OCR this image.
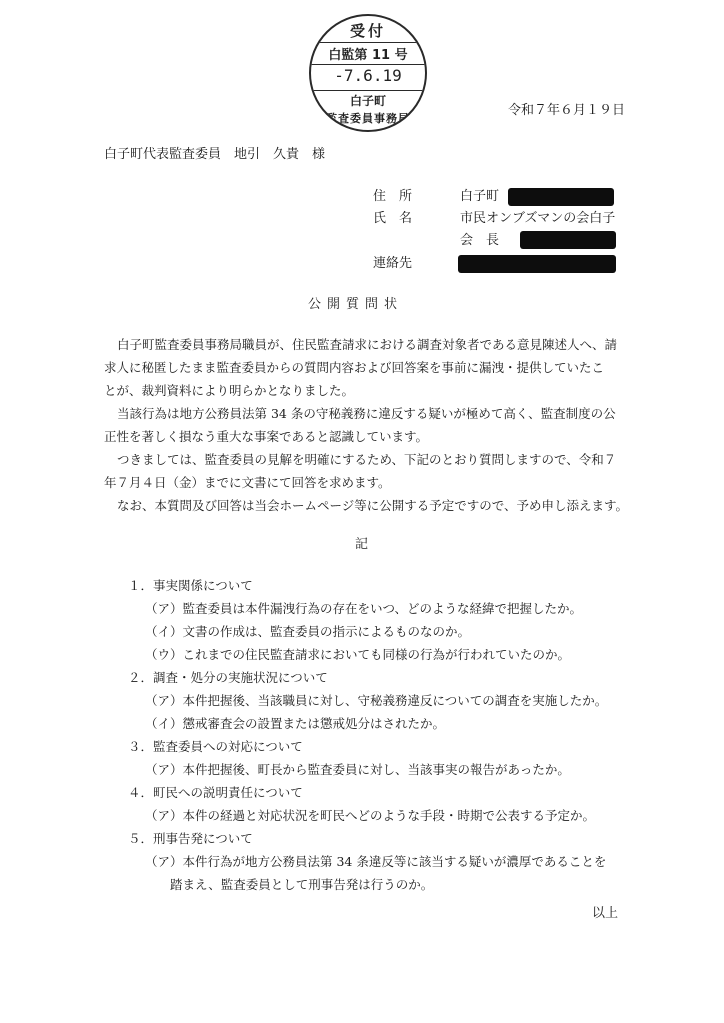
受付
白監第 11 号
-7.6.19
白子町
監査委員事務局
令和７年６月１９日
白子町代表監査委員　地引　久貴　様
住　所	白子町
氏　名	市民オンブズマンの会白子
会　長
連絡先
公開質問状
白子町監査委員事務局職員が、住民監査請求における調査対象者である意見陳述人へ、請
求人に秘匿したまま監査委員からの質問内容および回答案を事前に漏洩・提供していたこ
とが、裁判資料により明らかとなりました。
当該行為は地方公務員法第 34 条の守秘義務に違反する疑いが極めて高く、監査制度の公
正性を著しく損なう重大な事案であると認識しています。
つきましては、監査委員の見解を明確にするため、下記のとおり質問しますので、令和７
年７月４日（金）までに文書にて回答を求めます。
なお、本質問及び回答は当会ホームページ等に公開する予定ですので、予め申し添えます。
記
１．事実関係について
（ア）監査委員は本件漏洩行為の存在をいつ、どのような経緯で把握したか。
（イ）文書の作成は、監査委員の指示によるものなのか。
（ウ）これまでの住民監査請求においても同様の行為が行われていたのか。
２．調査・処分の実施状況について
（ア）本件把握後、当該職員に対し、守秘義務違反についての調査を実施したか。
（イ）懲戒審査会の設置または懲戒処分はされたか。
３．監査委員への対応について
（ア）本件把握後、町長から監査委員に対し、当該事実の報告があったか。
４．町民への説明責任について
（ア）本件の経過と対応状況を町民へどのような手段・時期で公表する予定か。
５．刑事告発について
（ア）本件行為が地方公務員法第 34 条違反等に該当する疑いが濃厚であることを
踏まえ、監査委員として刑事告発は行うのか。
以上
